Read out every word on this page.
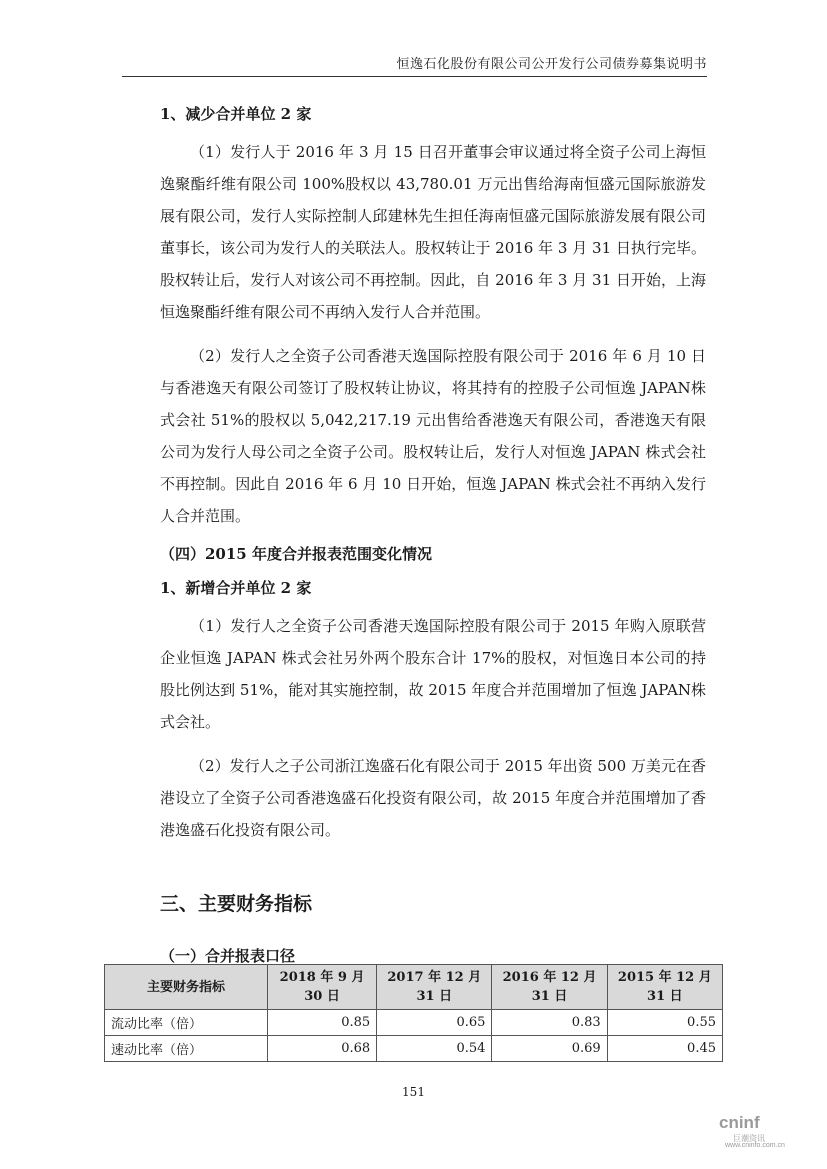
恒逸石化股份有限公司公开发行公司债券募集说明书
1、减少合并单位 2 家

（1）发行人于 2016 年 3 月 15 日召开董事会审议通过将全资子公司上海恒逸聚酯纤维有限公司 100%股权以 43,780.01 万元出售给海南恒盛元国际旅游发展有限公司，发行人实际控制人邱建林先生担任海南恒盛元国际旅游发展有限公司董事长，该公司为发行人的关联法人。股权转让于 2016 年 3 月 31 日执行完毕。股权转让后，发行人对该公司不再控制。因此，自 2016 年 3 月 31 日开始，上海恒逸聚酯纤维有限公司不再纳入发行人合并范围。

（2）发行人之全资子公司香港天逸国际控股有限公司于 2016 年 6 月 10 日与香港逸天有限公司签订了股权转让协议，将其持有的控股子公司恒逸 JAPAN株式会社 51%的股权以 5,042,217.19 元出售给香港逸天有限公司，香港逸天有限公司为发行人母公司之全资子公司。股权转让后，发行人对恒逸 JAPAN 株式会社不再控制。因此自 2016 年 6 月 10 日开始，恒逸 JAPAN 株式会社不再纳入发行人合并范围。

（四）2015 年度合并报表范围变化情况
1、新增合并单位 2 家

（1）发行人之全资子公司香港天逸国际控股有限公司于 2015 年购入原联营企业恒逸 JAPAN 株式会社另外两个股东合计 17%的股权，对恒逸日本公司的持股比例达到 51%，能对其实施控制，故 2015 年度合并范围增加了恒逸 JAPAN株式会社。

（2）发行人之子公司浙江逸盛石化有限公司于 2015 年出资 500 万美元在香港设立了全资子公司香港逸盛石化投资有限公司，故 2015 年度合并范围增加了香港逸盛石化投资有限公司。

三、主要财务指标
（一）合并报表口径
主要财务指标	2018 年 9 月 30 日	2017 年 12 月 31 日	2016 年 12 月 31 日	2015 年 12 月 31 日
流动比率（倍）	0.85	0.65	0.83	0.55
速动比率（倍）	0.68	0.54	0.69	0.45
151
cninf
巨潮资讯
www.cninfo.com.cn
